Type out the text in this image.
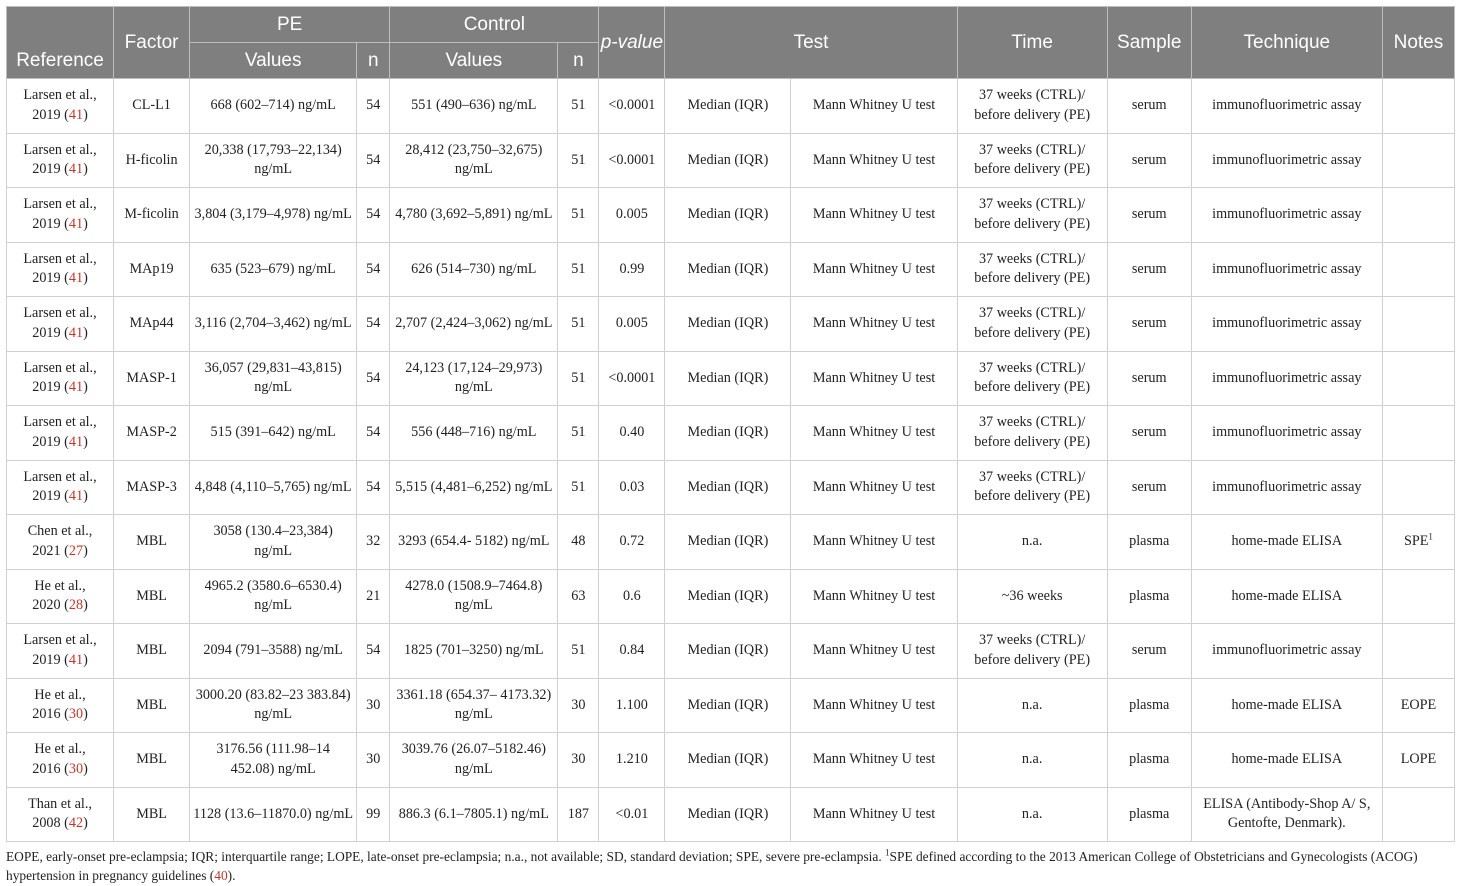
Reference	Factor	PE		Control		p-value	Test		Time	Sample	Technique	Notes
		Values	n	Values	n							
Larsen et al.,
2019 (41)	CL-L1	668 (602–714) ng/mL	54	551 (490–636) ng/mL	51	<0.0001	Median (IQR)	Mann Whitney U test	37 weeks (CTRL)/ before delivery (PE)	serum	immunofluorimetric assay	
Larsen et al.,
2019 (41)	H-ficolin	20,338 (17,793–22,134) ng/mL	54	28,412 (23,750–32,675) ng/mL	51	<0.0001	Median (IQR)	Mann Whitney U test	37 weeks (CTRL)/ before delivery (PE)	serum	immunofluorimetric assay	
Larsen et al.,
2019 (41)	M-ficolin	3,804 (3,179–4,978) ng/mL	54	4,780 (3,692–5,891) ng/mL	51	0.005	Median (IQR)	Mann Whitney U test	37 weeks (CTRL)/ before delivery (PE)	serum	immunofluorimetric assay	
Larsen et al.,
2019 (41)	MAp19	635 (523–679) ng/mL	54	626 (514–730) ng/mL	51	0.99	Median (IQR)	Mann Whitney U test	37 weeks (CTRL)/ before delivery (PE)	serum	immunofluorimetric assay	
Larsen et al.,
2019 (41)	MAp44	3,116 (2,704–3,462) ng/mL	54	2,707 (2,424–3,062) ng/mL	51	0.005	Median (IQR)	Mann Whitney U test	37 weeks (CTRL)/ before delivery (PE)	serum	immunofluorimetric assay	
Larsen et al.,
2019 (41)	MASP-1	36,057 (29,831–43,815) ng/mL	54	24,123 (17,124–29,973) ng/mL	51	<0.0001	Median (IQR)	Mann Whitney U test	37 weeks (CTRL)/ before delivery (PE)	serum	immunofluorimetric assay	
Larsen et al.,
2019 (41)	MASP-2	515 (391–642) ng/mL	54	556 (448–716) ng/mL	51	0.40	Median (IQR)	Mann Whitney U test	37 weeks (CTRL)/ before delivery (PE)	serum	immunofluorimetric assay	
Larsen et al.,
2019 (41)	MASP-3	4,848 (4,110–5,765) ng/mL	54	5,515 (4,481–6,252) ng/mL	51	0.03	Median (IQR)	Mann Whitney U test	37 weeks (CTRL)/ before delivery (PE)	serum	immunofluorimetric assay	
Chen et al.,
2021 (27)	MBL	3058 (130.4–23,384) ng/mL	32	3293 (654.4- 5182) ng/mL	48	0.72	Median (IQR)	Mann Whitney U test	n.a.	plasma	home-made ELISA	SPE$^1$
He et al.,
2020 (28)	MBL	4965.2 (3580.6–6530.4) ng/mL	21	4278.0 (1508.9–7464.8) ng/mL	63	0.6	Median (IQR)	Mann Whitney U test	~36 weeks	plasma	home-made ELISA	
Larsen et al.,
2019 (41)	MBL	2094 (791–3588) ng/mL	54	1825 (701–3250) ng/mL	51	0.84	Median (IQR)	Mann Whitney U test	37 weeks (CTRL)/ before delivery (PE)	serum	immunofluorimetric assay	
He et al.,
2016 (30)	MBL	3000.20 (83.82–23 383.84) ng/mL	30	3361.18 (654.37– 4173.32) ng/mL	30	1.100	Median (IQR)	Mann Whitney U test	n.a.	plasma	home-made ELISA	EOPE
He et al.,
2016 (30)	MBL	3176.56 (111.98–14 452.08) ng/mL	30	3039.76 (26.07–5182.46) ng/mL	30	1.210	Median (IQR)	Mann Whitney U test	n.a.	plasma	home-made ELISA	LOPE
Than et al.,
2008 (42)	MBL	1128 (13.6–11870.0) ng/mL	99	886.3 (6.1–7805.1) ng/mL	187	<0.01	Median (IQR)	Mann Whitney U test	n.a.	plasma	ELISA (Antibody-Shop A/ S, Gentofte, Denmark).	
EOPE, early-onset pre-eclampsia; IQR; interquartile range; LOPE, late-onset pre-eclampsia; n.a., not available; SD, standard deviation; SPE, severe pre-eclampsia. $^1$SPE defined according to the 2013 American College of Obstetricians and Gynecologists (ACOG) hypertension in pregnancy guidelines (40).
